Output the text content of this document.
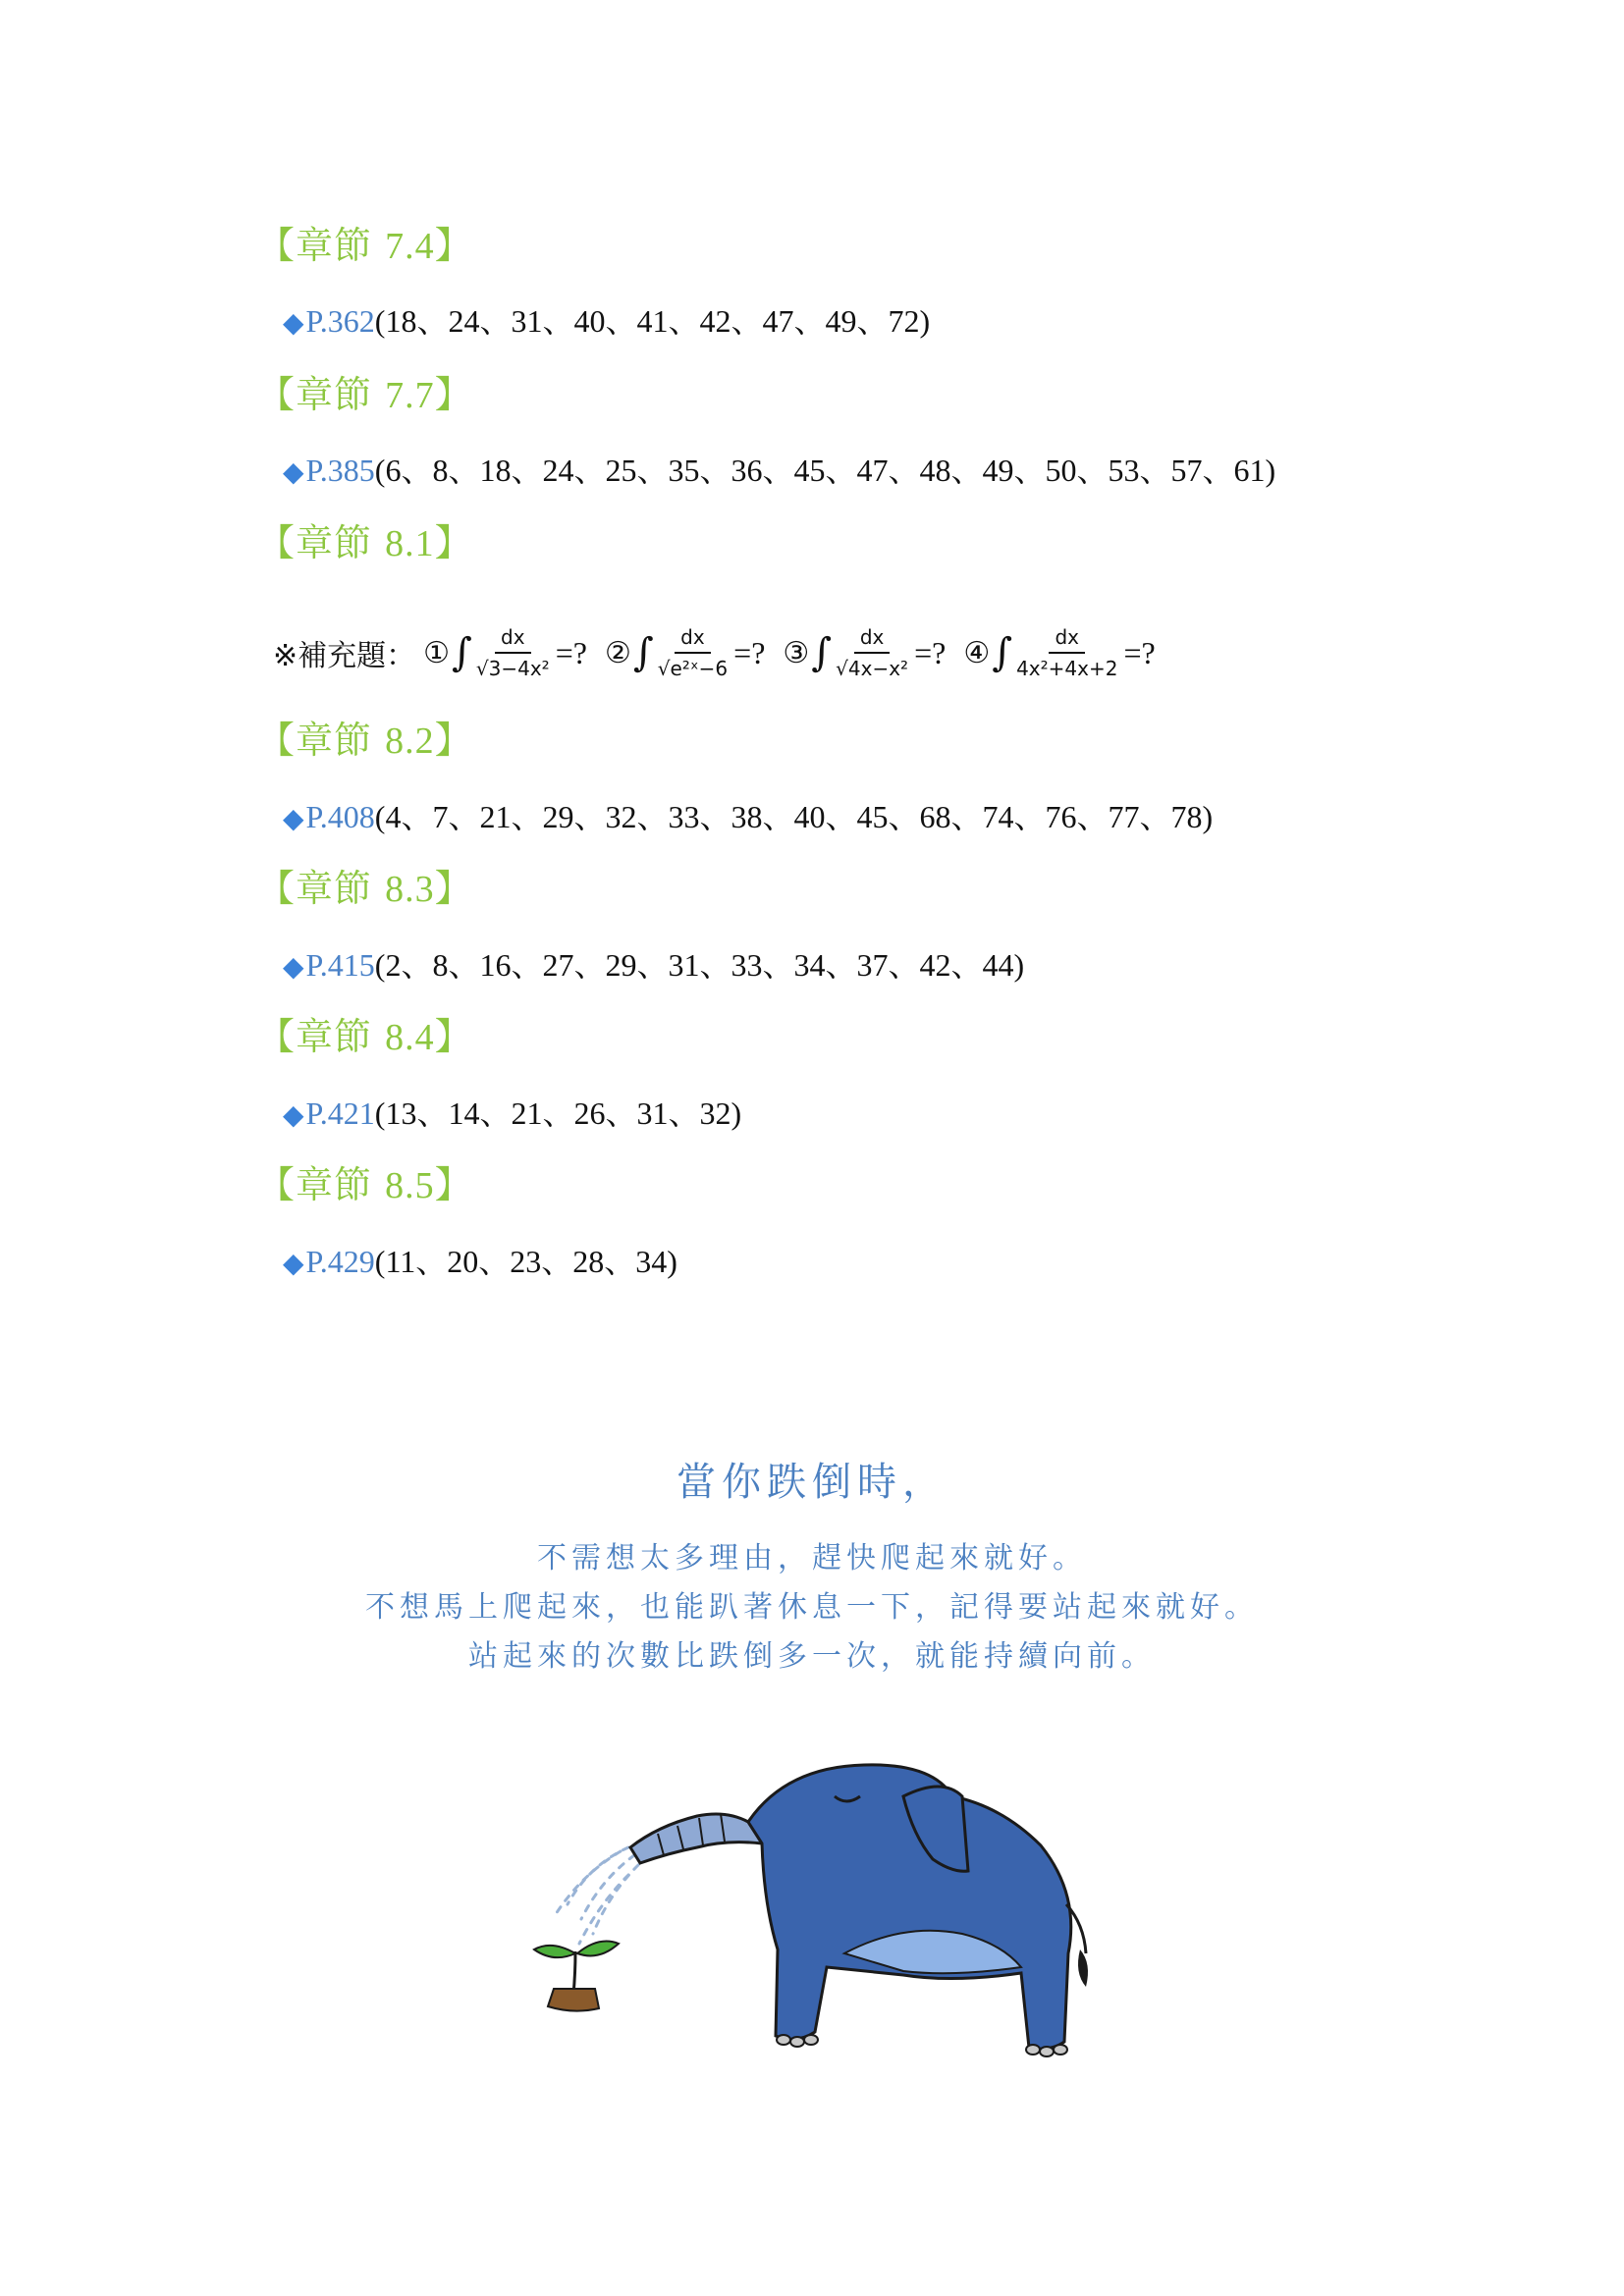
【章節 7.4】
◆P.362(18、24、31、40、41、42、47、49、72)
【章節 7.7】
◆P.385(6、8、18、24、25、35、36、45、47、48、49、50、53、57、61)
【章節 8.1】
※補充題： ① ∫ $\frac{dx}{\text{√3−4x²}}$ =? ② ∫ $\frac{dx}{\text{√e²ˣ−6}}$ =? ③ ∫ $\frac{dx}{\text{√4x−x²}}$ =? ④ ∫ $\frac{dx}{\text{4x²+4x+2}}$ =?
【章節 8.2】
◆P.408(4、7、21、29、32、33、38、40、45、68、74、76、77、78)
【章節 8.3】
◆P.415(2、8、16、27、29、31、33、34、37、42、44)
【章節 8.4】
◆P.421(13、14、21、26、31、32)
【章節 8.5】
◆P.429(11、20、23、28、34)
當你跌倒時，
不需想太多理由，趕快爬起來就好。
不想馬上爬起來，也能趴著休息一下，記得要站起來就好。
站起來的次數比跌倒多一次，就能持續向前。
